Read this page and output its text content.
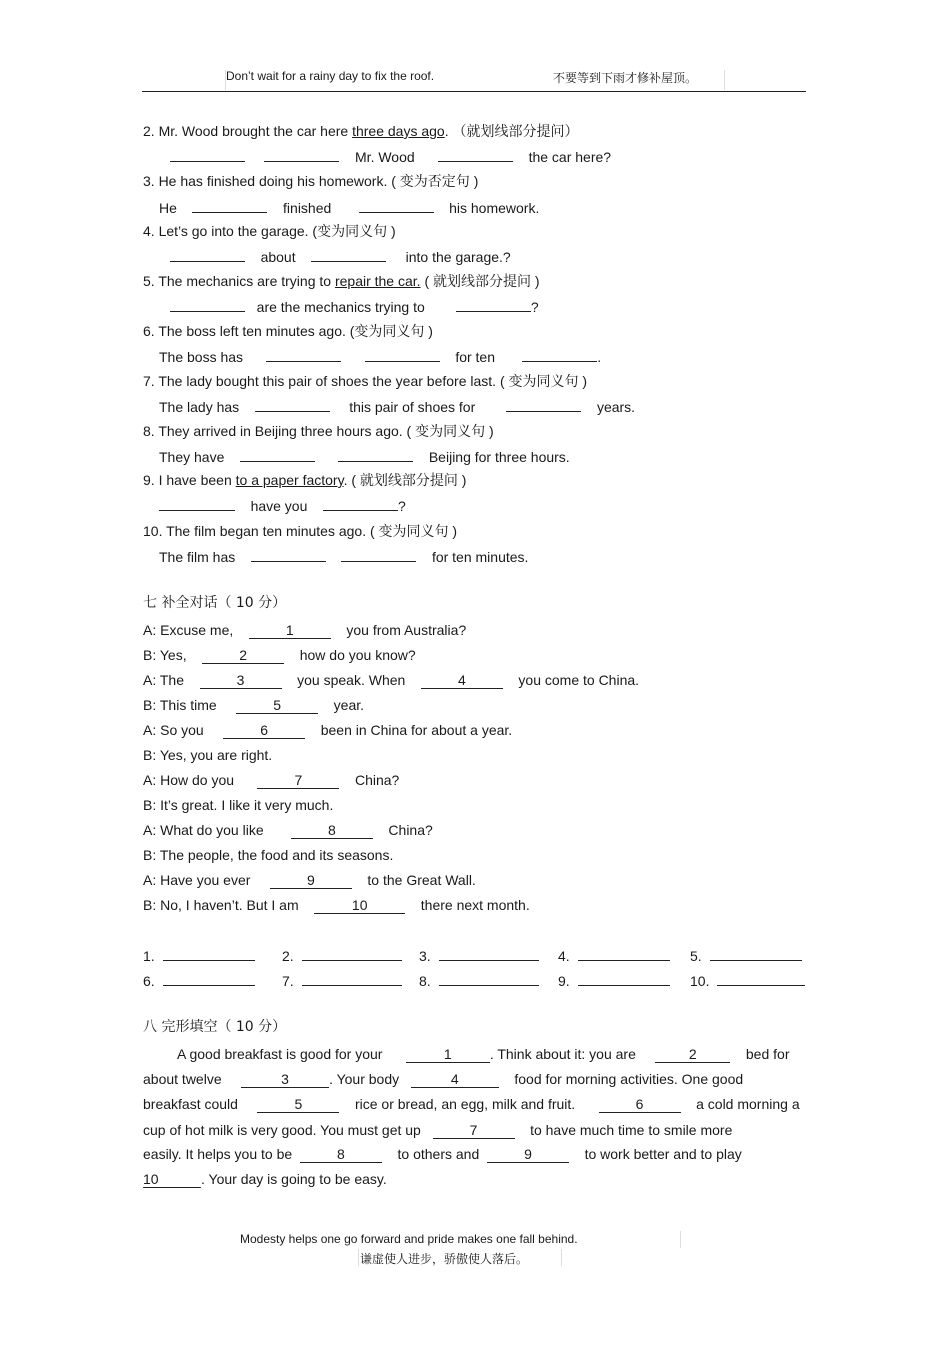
Don’t wait for a rainy day to fix the roof.	不要等到下雨才修补屋顶。
2. Mr. Wood brought the car here three days ago. （就划线部分提问）
Mr. Wood	the car here?
3. He has finished doing his homework. ( 变为否定句 )
He	finished	his homework.
4. Let’s go into the garage. (变为同义句 )
about	into the garage.?
5. The mechanics are trying to repair the car. ( 就划线部分提问 )
are the mechanics trying to	?
6. The boss left ten minutes ago. (变为同义句 )
The boss has	for ten	.
7. The lady bought this pair of shoes the year before last. ( 变为同义句 )
The lady has	this pair of shoes for	years.
8. They arrived in Beijing three hours ago. ( 变为同义句 )
They have	Beijing for three hours.
9. I have been to a paper factory. ( 就划线部分提问 )
have you	?
10. The film began ten minutes ago. ( 变为同义句 )
The film has	for ten minutes.
七 补全对话（ 10 分）
A: Excuse me,	1	you from Australia?
B: Yes,	2	how do you know?
A: The	3	you speak. When	4	you come to China.
B: This time	5	year.
A: So you	6	been in China for about a year.
B: Yes, you are right.
A: How do you	7	China?
B: It’s great. I like it very much.
A: What do you like	8	China?
B: The people, the food and its seasons.
A: Have you ever	9	to the Great Wall.
B: No, I haven’t. But I am	10	there next month.
1.	2.	3.	4.	5.
6.	7.	8.	9.	10.
八 完形填空（ 10 分）
A good breakfast is good for your	1	. Think about it: you are	2	bed for
about twelve	3	. Your body	4	food for morning activities. One good
breakfast could	5	rice or bread, an egg, milk and fruit.	6	a cold morning a
cup of hot milk is very good. You must get up	7	to have much time to smile more
easily. It helps you to be	8	to others and	9	to work better and to play
10	. Your day is going to be easy.
Modesty helps one go forward and pride makes one fall behind.
谦虚使人进步，骄傲使人落后。
